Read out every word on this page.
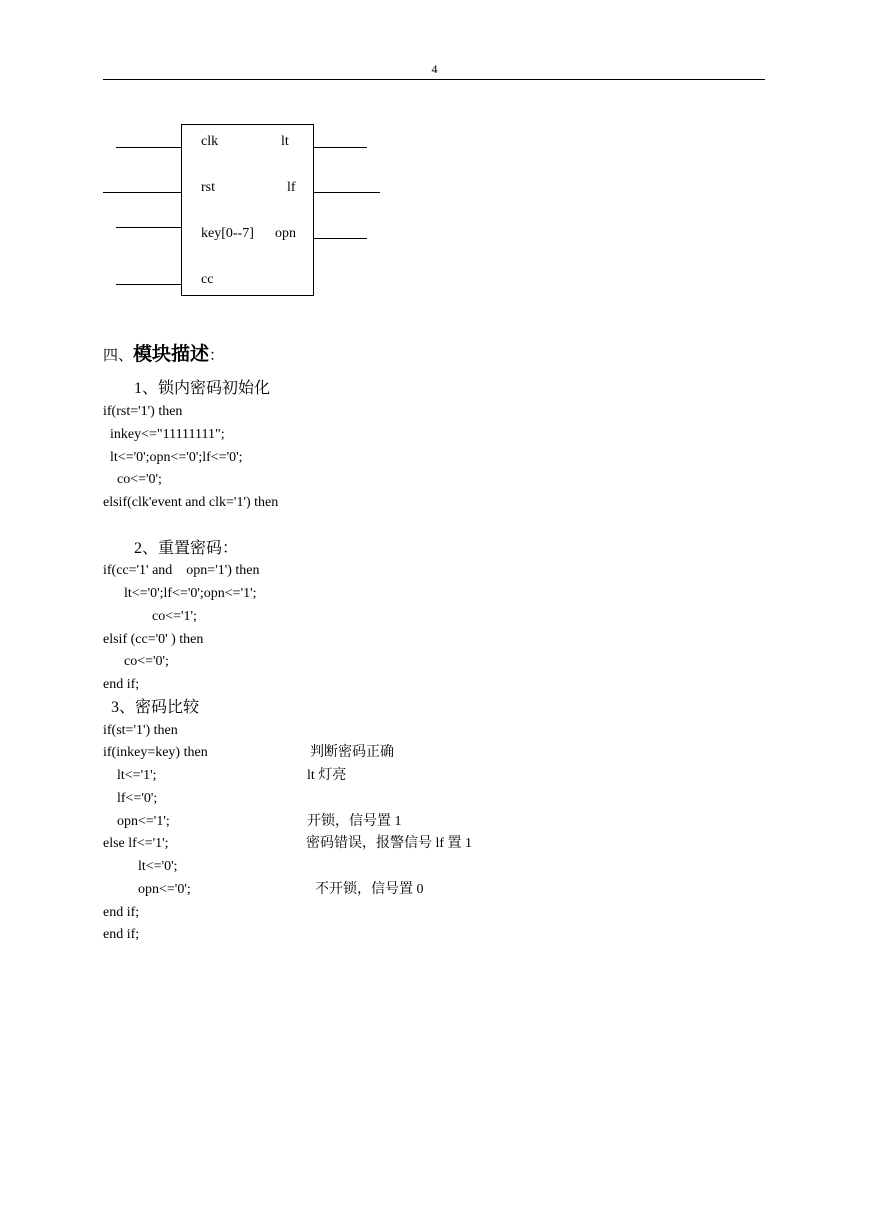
4
clk
rst
key[0--7]
cc
lt
lf
opn
四、模块描述：
1、锁内密码初始化
if(rst='1') then
inkey<="11111111";
lt<='0';opn<='0';lf<='0';
co<='0';
elsif(clk'event and clk='1') then
2、重置密码：
if(cc='1' and    opn='1') then
lt<='0';lf<='0';opn<='1';
co<='1';
elsif (cc='0' ) then
co<='0';
end if;
3、密码比较
if(st='1') then
if(inkey=key) then
lt<='1';
lf<='0';
opn<='1';
else lf<='1';
lt<='0';
opn<='0';
end if;
end if;
判断密码正确
lt 灯亮
开锁，信号置 1
密码错误，报警信号 lf 置 1
不开锁，信号置 0
